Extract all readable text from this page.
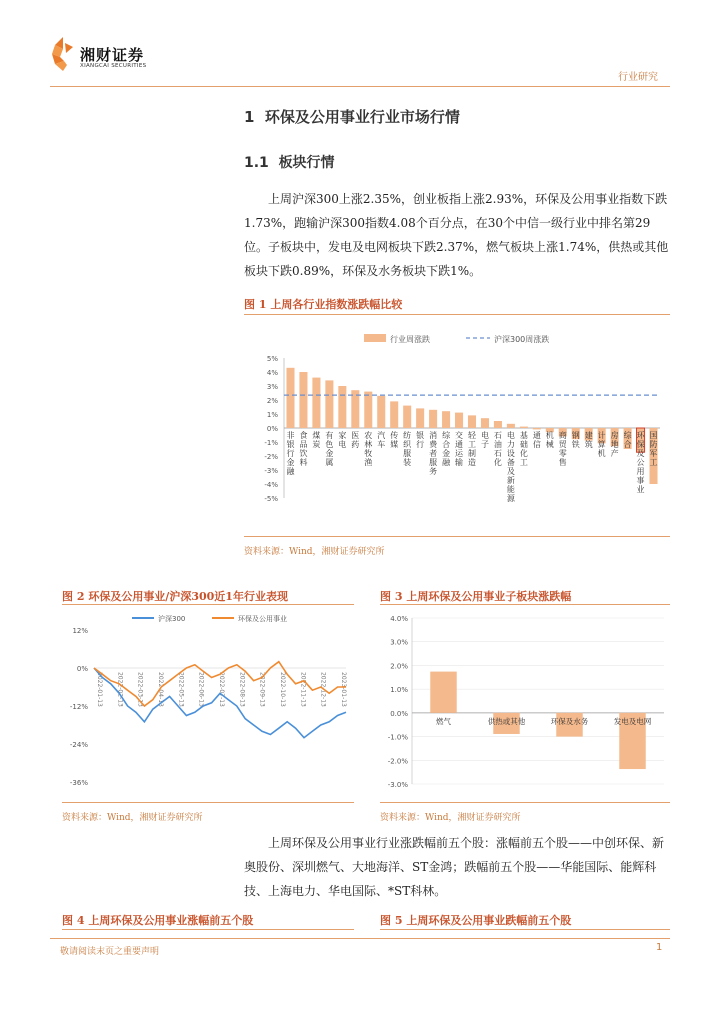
湘财证券
XIANGCAI SECURITIES
行业研究
1 环保及公用事业行业市场行情
1.1 板块行情
上周沪深300上涨2.35%，创业板指上涨2.93%，环保及公用事业指数下跌1.73%，跑输沪深300指数4.08个百分点，在30个中信一级行业中排名第29位。子板块中，发电及电网板块下跌2.37%，燃气板块上涨1.74%，供热或其他板块下跌0.89%，环保及水务板块下跌1%。
图 1 上周各行业指数涨跌幅比较
行业周涨跌	沪深300周涨跌
5%
4%
3%
2%
1%
0%
-1%
-2%
-3%
-4%
-5%
非
银
行
金
融
食
品
饮
料
煤
炭
有
色
金
属
家
电
医
药
农
林
牧
渔
汽
车
传
媒
纺
织
服
装
银
行
消
费
者
服
务
综
合
金
融
交
通
运
输
轻
工
制
造
电
子
石
油
石
化
电
力
设
备
及
新
能
源
基
础
化
工
通
信
机
械
商
贸
零
售
钢
铁
建
筑
计
算
机
房
地
产
综
合
环
保
及
公
用
事
业
国
防
军
工
资料来源：Wind，湘财证券研究所
图 2 环保及公用事业/沪深300近1年行业表现
沪深300	环保及公用事业
12%
0%
-12%
-24%
-36%
2022-01-13 2022-02-13 2022-03-13 2022-04-13 2022-05-13 2022-06-13 2022-07-13 2022-08-13 2022-09-13 2022-10-13 2022-11-13 2022-12-13 2023-01-13
资料来源：Wind，湘财证券研究所
图 3 上周环保及公用事业子板块涨跌幅
4.0%
3.0%
2.0%
1.0%
0.0%
-1.0%
-2.0%
-3.0%
燃气	供热或其他	环保及水务	发电及电网
资料来源：Wind，湘财证券研究所
上周环保及公用事业行业涨跌幅前五个股：涨幅前五个股——中创环保、新奥股份、深圳燃气、大地海洋、ST金鸿；跌幅前五个股——华能国际、能辉科技、上海电力、华电国际、*ST科林。
图 4 上周环保及公用事业涨幅前五个股	图 5 上周环保及公用事业跌幅前五个股
敬请阅读末页之重要声明	1
